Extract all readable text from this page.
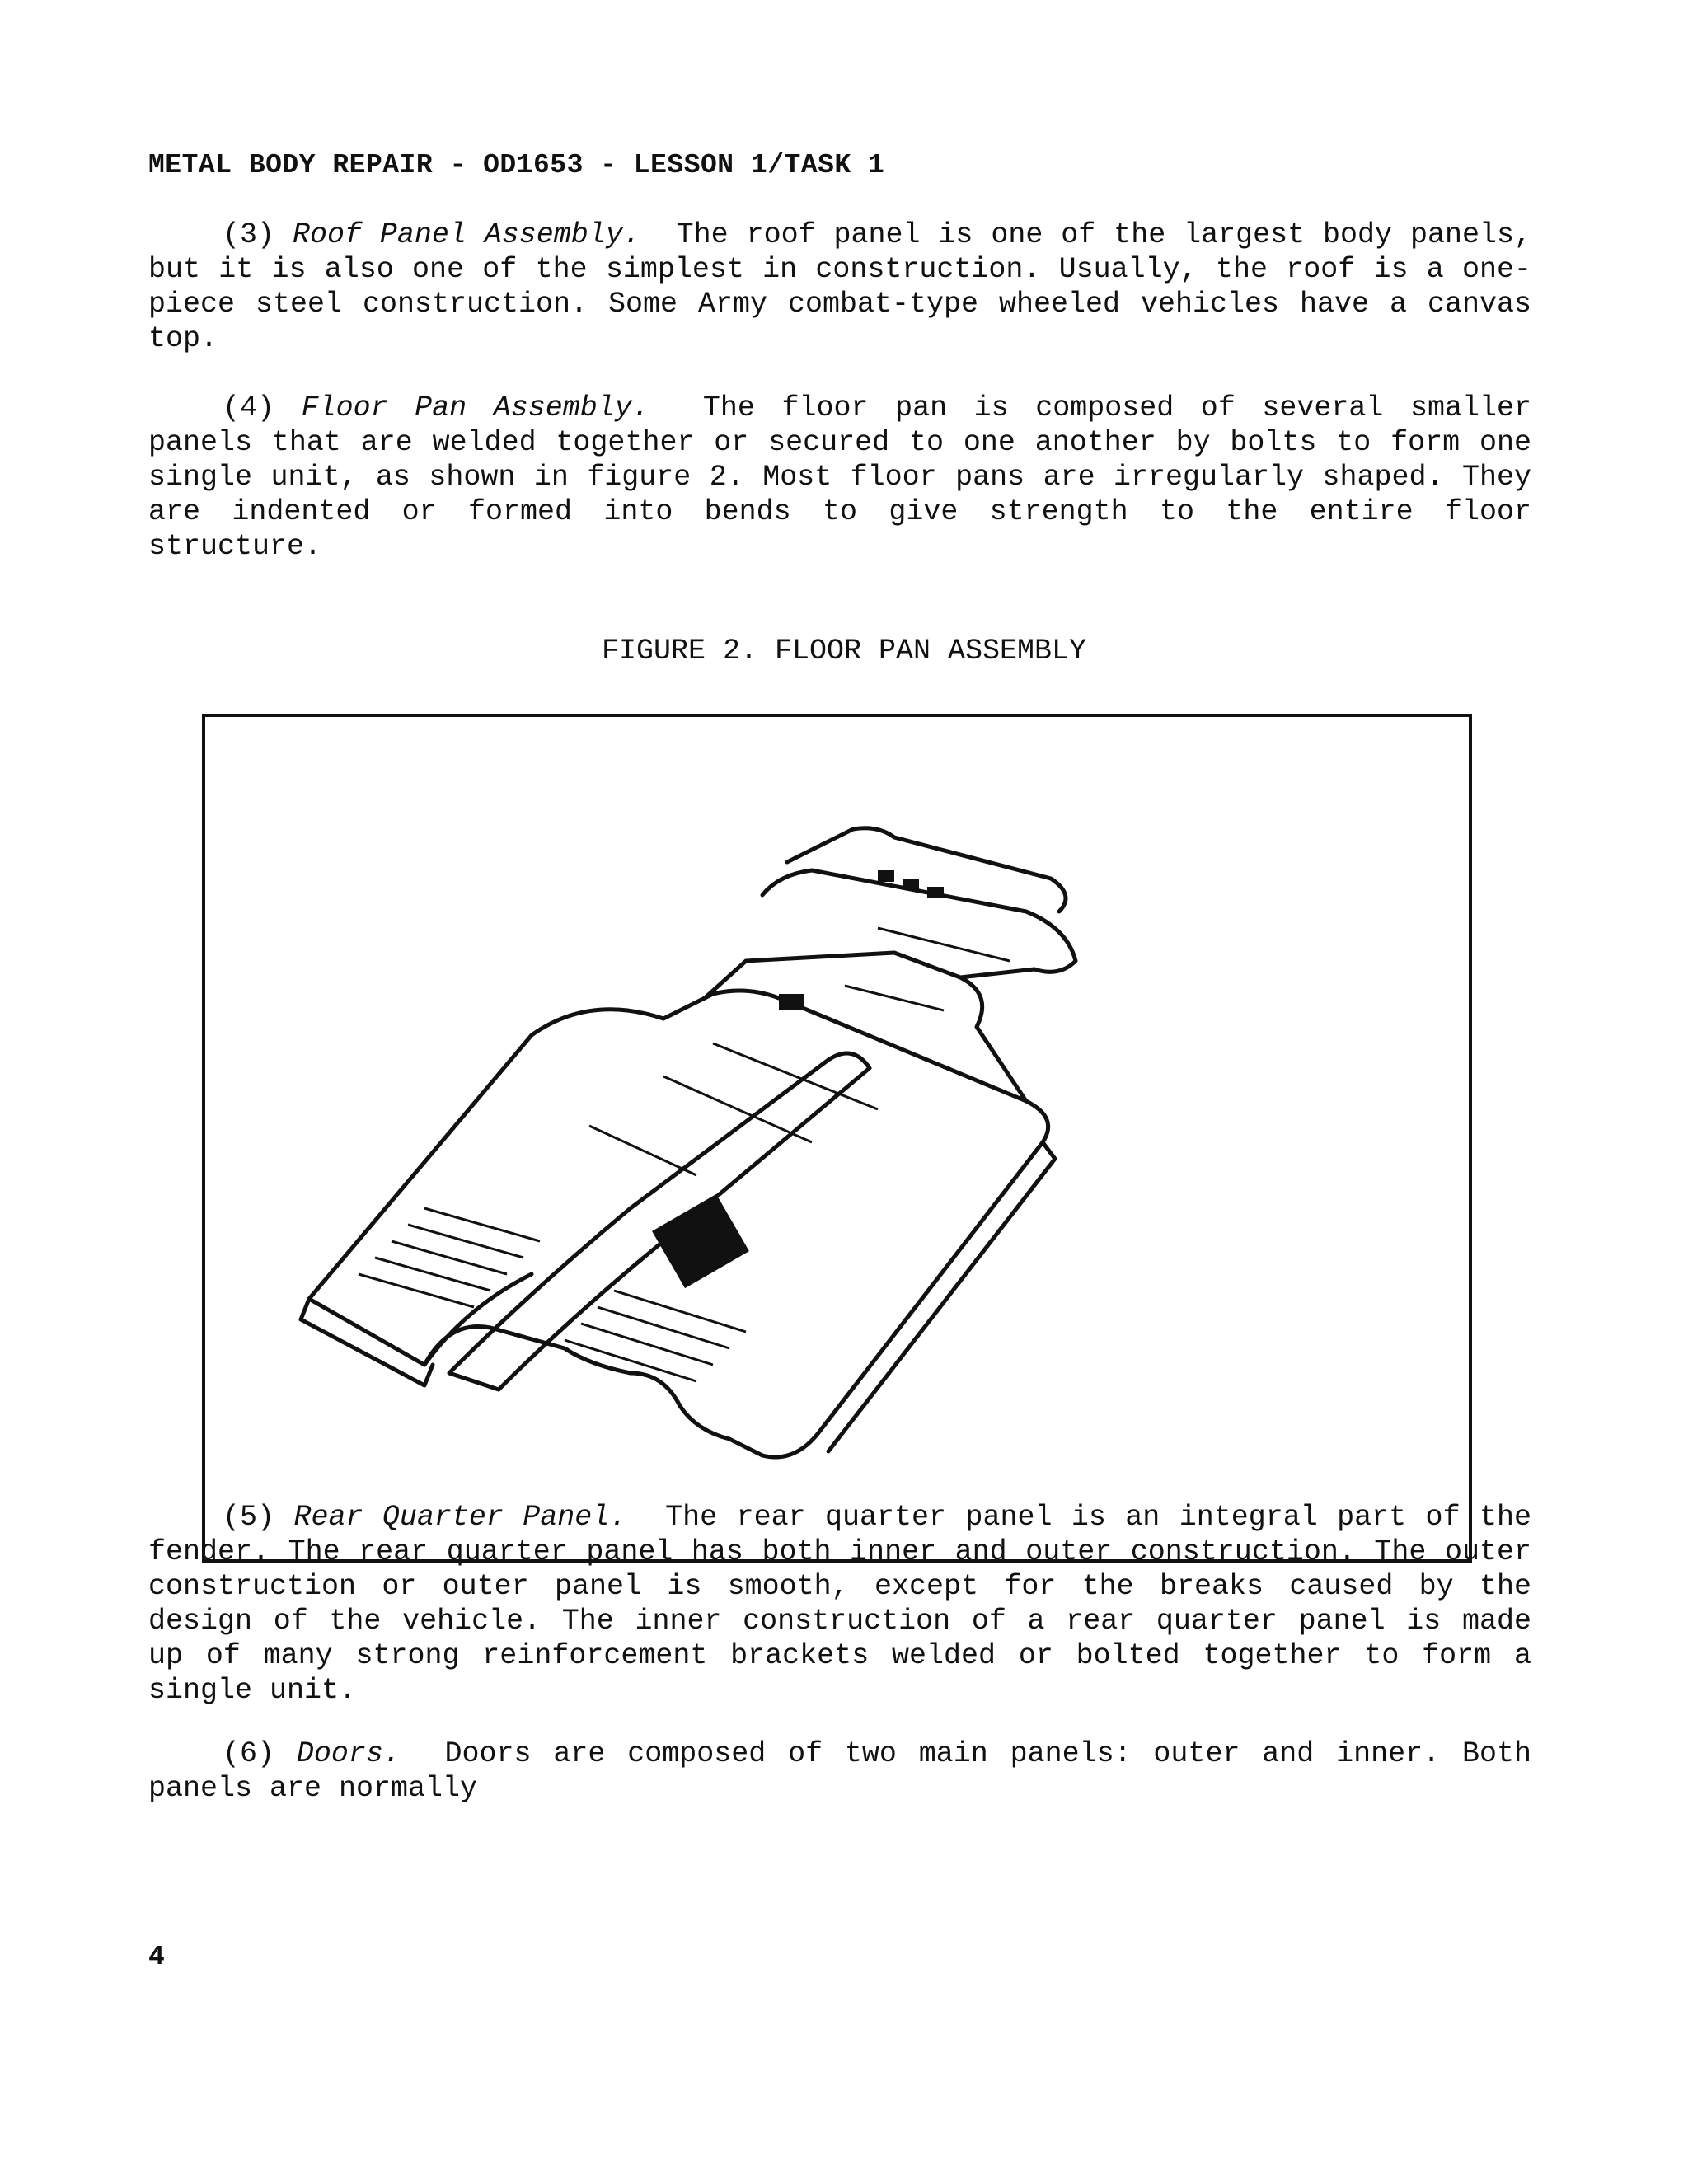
METAL BODY REPAIR - OD1653 - LESSON 1/TASK 1
(3) Roof Panel Assembly. The roof panel is one of the largest body panels, but it is also one of the simplest in construction. Usually, the roof is a one-piece steel construction. Some Army combat-type wheeled vehicles have a canvas top.
(4) Floor Pan Assembly. The floor pan is composed of several smaller panels that are welded together or secured to one another by bolts to form one single unit, as shown in figure 2. Most floor pans are irregularly shaped. They are indented or formed into bends to give strength to the entire floor structure.
FIGURE 2. FLOOR PAN ASSEMBLY
(5) Rear Quarter Panel. The rear quarter panel is an integral part of the fender. The rear quarter panel has both inner and outer construction. The outer construction or outer panel is smooth, except for the breaks caused by the design of the vehicle. The inner construction of a rear quarter panel is made up of many strong reinforcement brackets welded or bolted together to form a single unit.
(6) Doors. Doors are composed of two main panels: outer and inner. Both panels are normally
4
